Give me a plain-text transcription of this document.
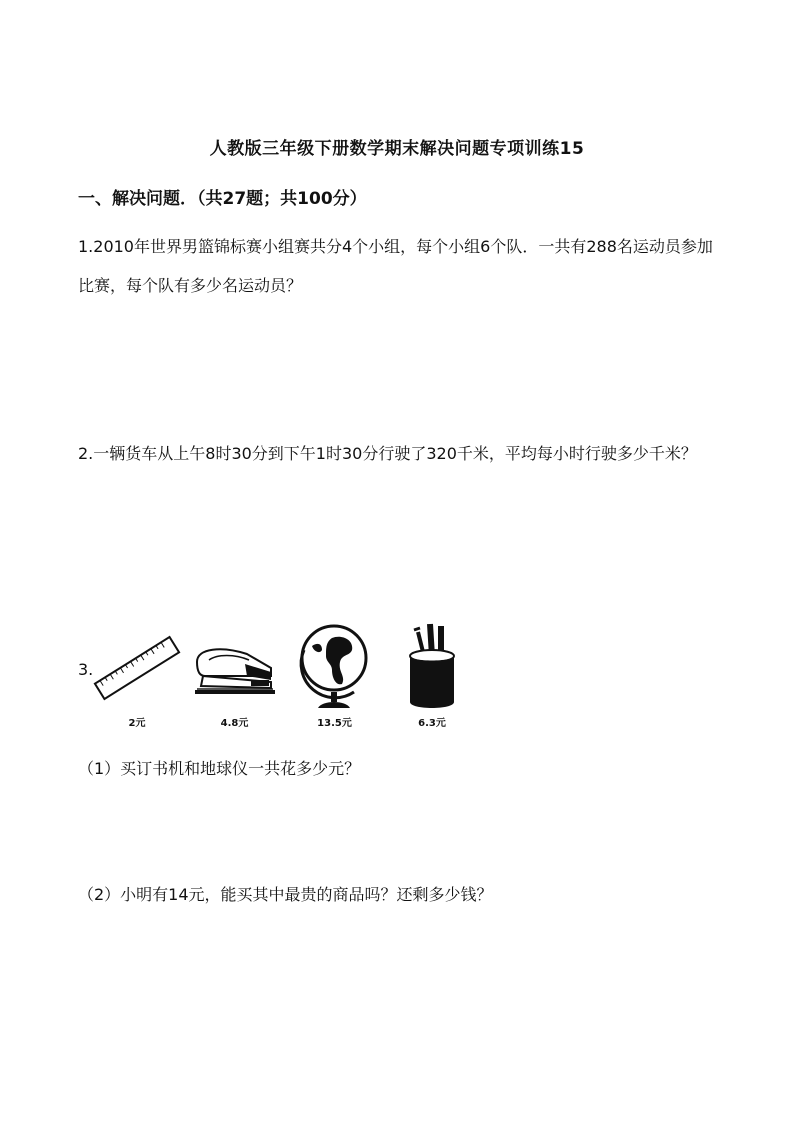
人教版三年级下册数学期末解决问题专项训练15
一、解决问题．（共27题；共100分）
1.2010年世界男篮锦标赛小组赛共分4个小组，每个小组6个队．一共有288名运动员参加比赛，每个队有多少名运动员？
2.一辆货车从上午8时30分到下午1时30分行驶了320千米，平均每小时行驶多少千米？
3.
2元	4.8元	13.5元	6.3元
（1）买订书机和地球仪一共花多少元？
（2）小明有14元，能买其中最贵的商品吗？还剩多少钱？
